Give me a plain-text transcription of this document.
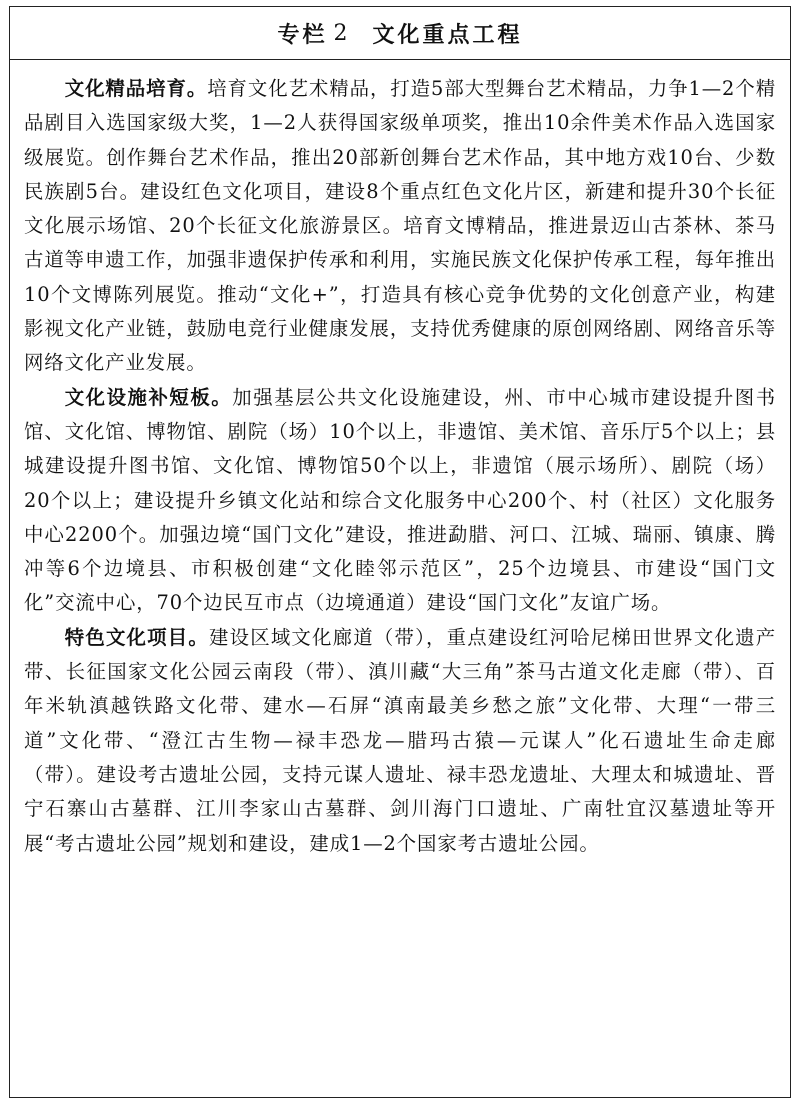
专栏 2 文化重点工程

文化精品培育。培育文化艺术精品，打造5部大型舞台艺术精品，力争1—2个精品剧目入选国家级大奖，1—2人获得国家级单项奖，推出10余件美术作品入选国家级展览。创作舞台艺术作品，推出20部新创舞台艺术作品，其中地方戏10台、少数民族剧5台。建设红色文化项目，建设8个重点红色文化片区，新建和提升30个长征文化展示场馆、20个长征文化旅游景区。培育文博精品，推进景迈山古茶林、茶马古道等申遗工作，加强非遗保护传承和利用，实施民族文化保护传承工程，每年推出10个文博陈列展览。推动“文化+”，打造具有核心竞争优势的文化创意产业，构建影视文化产业链，鼓励电竞行业健康发展，支持优秀健康的原创网络剧、网络音乐等网络文化产业发展。

文化设施补短板。加强基层公共文化设施建设，州、市中心城市建设提升图书馆、文化馆、博物馆、剧院（场）10个以上，非遗馆、美术馆、音乐厅5个以上；县城建设提升图书馆、文化馆、博物馆50个以上，非遗馆（展示场所）、剧院（场）20个以上；建设提升乡镇文化站和综合文化服务中心200个、村（社区）文化服务中心2200个。加强边境“国门文化”建设，推进勐腊、河口、江城、瑞丽、镇康、腾冲等6个边境县、市积极创建“文化睦邻示范区”，25个边境县、市建设“国门文化”交流中心，70个边民互市点（边境通道）建设“国门文化”友谊广场。

特色文化项目。建设区域文化廊道（带），重点建设红河哈尼梯田世界文化遗产带、长征国家文化公园云南段（带）、滇川藏“大三角”茶马古道文化走廊（带）、百年米轨滇越铁路文化带、建水—石屏“滇南最美乡愁之旅”文化带、大理“一带三道”文化带、“澄江古生物—禄丰恐龙—腊玛古猿—元谋人”化石遗址生命走廊（带）。建设考古遗址公园，支持元谋人遗址、禄丰恐龙遗址、大理太和城遗址、晋宁石寨山古墓群、江川李家山古墓群、剑川海门口遗址、广南牡宜汉墓遗址等开展“考古遗址公园”规划和建设，建成1—2个国家考古遗址公园。
